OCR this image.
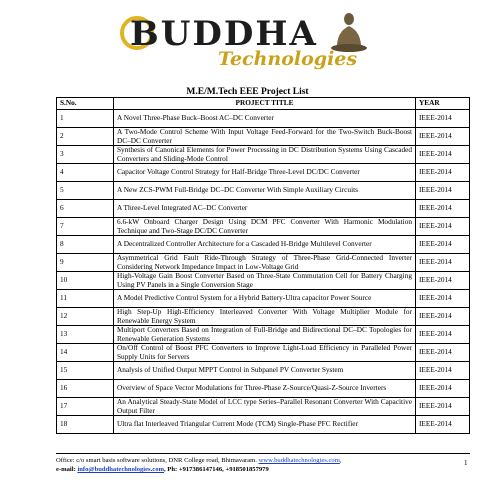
BUDDHA
Technologies
M.E/M.Tech EEE Project List
S.No.	PROJECT TITLE	YEAR
1	A Novel Three-Phase Buck–Boost AC–DC Converter	IEEE-2014
2	A Two-Mode Control Scheme With Input Voltage Feed-Forward for the Two-Switch Buck-Boost DC–DC Converter	IEEE-2014
3	Synthesis of Canonical Elements for Power Processing in DC Distribution Systems Using Cascaded Converters and Sliding-Mode Control	IEEE-2014
4	Capacitor Voltage Control Strategy for Half-Bridge Three-Level DC/DC Converter	IEEE-2014
5	A New ZCS-PWM Full-Bridge DC–DC Converter With Simple Auxiliary Circuits	IEEE-2014
6	A Three-Level Integrated AC–DC Converter	IEEE-2014
7	6.6-kW Onboard Charger Design Using DCM PFC Converter With Harmonic Modulation Technique and Two-Stage DC/DC Converter	IEEE-2014
8	A Decentralized Controller Architecture for a Cascaded H-Bridge Multilevel Converter	IEEE-2014
9	Asymmetrical Grid Fault Ride-Through Strategy of Three-Phase Grid-Connected Inverter Considering Network Impedance Impact in Low-Voltage Grid	IEEE-2014
10	High-Voltage Gain Boost Converter Based on Three-State Commutation Cell for Battery Charging Using PV Panels in a Single Conversion Stage	IEEE-2014
11	A Model Predictive Control System for a Hybrid Battery-Ultra capacitor Power Source	IEEE-2014
12	High Step-Up High-Efficiency Interleaved Converter With Voltage Multiplier Module for Renewable Energy System	IEEE-2014
13	Multiport Converters Based on Integration of Full-Bridge and Bidirectional DC–DC Topologies for Renewable Generation Systems	IEEE-2014
14	On/Off Control of Boost PFC Converters to Improve Light-Load Efficiency in Paralleled Power Supply Units for Servers	IEEE-2014
15	Analysis of Unified Output MPPT Control in Subpanel PV Converter System	IEEE-2014
16	Overview of Space Vector Modulations for Three-Phase Z-Source/Quasi-Z-Source Inverters	IEEE-2014
17	An Analytical Steady-State Model of LCC type Series–Parallel Resonant Converter With Capacitive Output Filter	IEEE-2014
18	Ultra flat Interleaved Triangular Current Mode (TCM) Single-Phase PFC Rectifier	IEEE-2014
Office: c/o smart basis software solutions, DNR College road, Bhimavaram. www.buddhatechnologies.com,
e-mail: info@buddhatechnologies.com, Ph: +917386147146, +918501857979
1
